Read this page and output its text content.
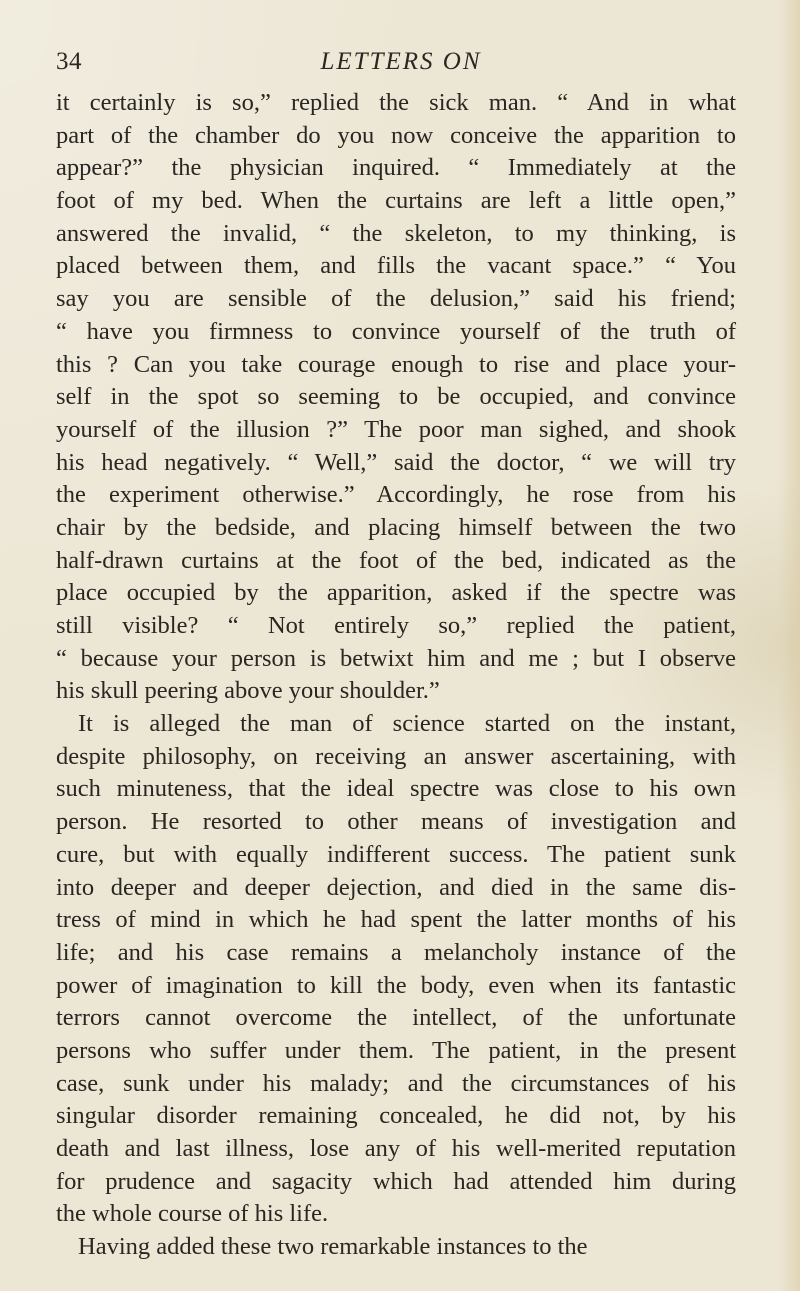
34	LETTERS ON
it certainly is so,” replied the sick man. “ And in what
part of the chamber do you now conceive the apparition to
appear?” the physician inquired. “ Immediately at the
foot of my bed. When the curtains are left a little open,”
answered the invalid, “ the skeleton, to my thinking, is
placed between them, and fills the vacant space.” “ You
say you are sensible of the delusion,” said his friend;
“ have you firmness to convince yourself of the truth of
this ? Can you take courage enough to rise and place your-
self in the spot so seeming to be occupied, and convince
yourself of the illusion ?” The poor man sighed, and shook
his head negatively. “ Well,” said the doctor, “ we will try
the experiment otherwise.” Accordingly, he rose from his
chair by the bedside, and placing himself between the two
half-drawn curtains at the foot of the bed, indicated as the
place occupied by the apparition, asked if the spectre was
still visible? “ Not entirely so,” replied the patient,
“ because your person is betwixt him and me ; but I observe
his skull peering above your shoulder.”
It is alleged the man of science started on the instant,
despite philosophy, on receiving an answer ascertaining, with
such minuteness, that the ideal spectre was close to his own
person. He resorted to other means of investigation and
cure, but with equally indifferent success. The patient sunk
into deeper and deeper dejection, and died in the same dis-
tress of mind in which he had spent the latter months of his
life; and his case remains a melancholy instance of the
power of imagination to kill the body, even when its fantastic
terrors cannot overcome the intellect, of the unfortunate
persons who suffer under them. The patient, in the present
case, sunk under his malady; and the circumstances of his
singular disorder remaining concealed, he did not, by his
death and last illness, lose any of his well-merited reputation
for prudence and sagacity which had attended him during
the whole course of his life.
Having added these two remarkable instances to the
